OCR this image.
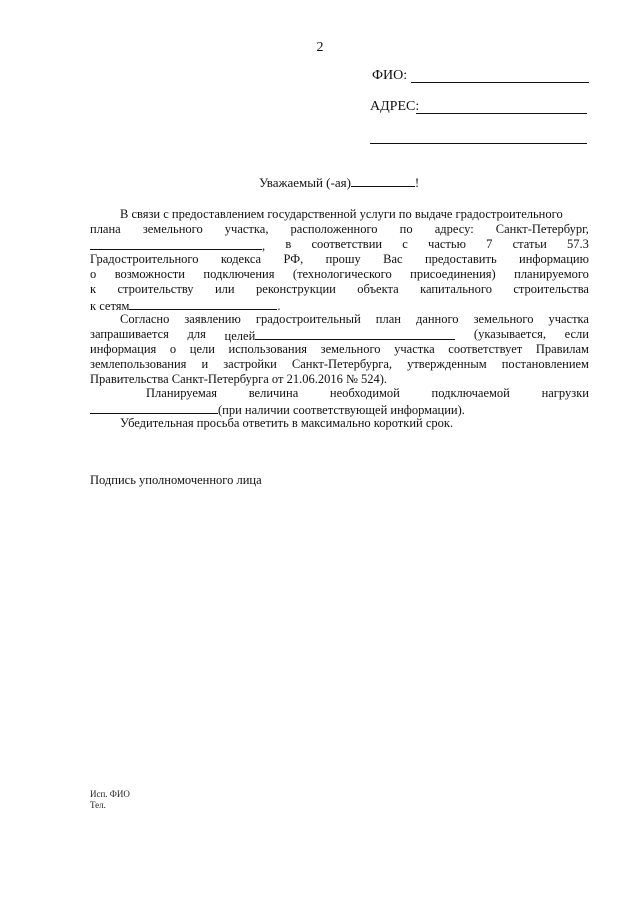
2
ФИО:
АДРЕС:
Уважаемый (-ая)	!
В связи с предоставлением государственной услуги по выдаче градостроительного
плана земельного участка, расположенного по адресу: Санкт-Петербург,
, в соответствии с частью 7 статьи 57.3
Градостроительного кодекса РФ, прошу Вас предоставить информацию
о возможности подключения (технологического присоединения) планируемого
к строительству или реконструкции объекта капитального строительства
к сетям	.
Согласно заявлению градостроительный план данного земельного участка
запрашивается для целей	(указывается, если
информация о цели использования земельного участка соответствует Правилам
землепользования и застройки Санкт-Петербурга, утвержденным постановлением
Правительства Санкт-Петербурга от 21.06.2016 № 524).
Планируемая	величина	необходимой	подключаемой	нагрузки
(при наличии соответствующей информации).
Убедительная просьба ответить в максимально короткий срок.
Подпись уполномоченного лица
Исп. ФИО
Тел.
